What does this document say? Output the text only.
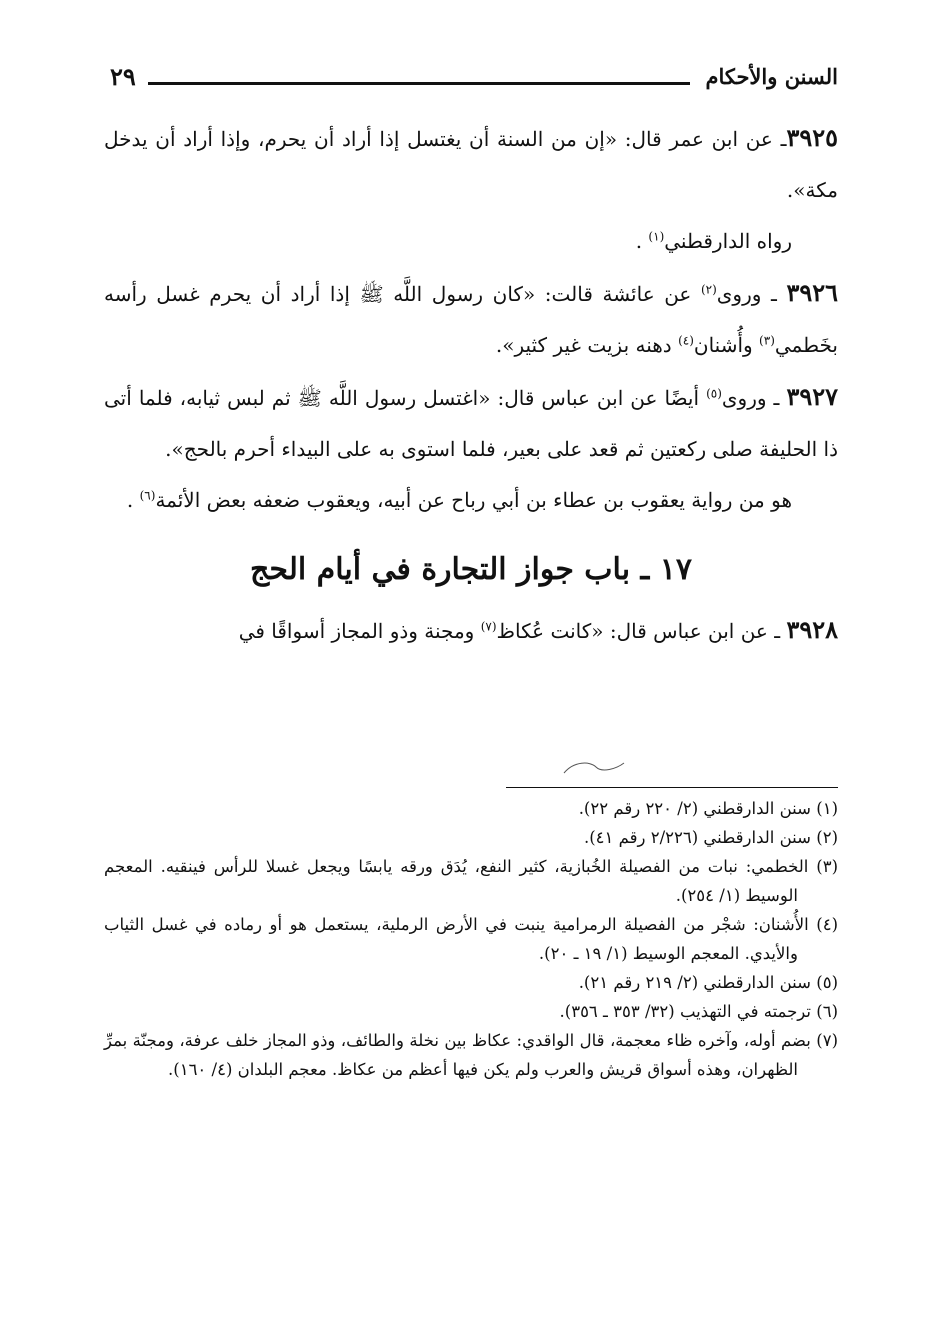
السنن والأحكام
٢٩

٣٩٢٥ـ عن ابن عمر قال: «إن من السنة أن يغتسل إذا أراد أن يحرم، وإذا أراد أن يدخل مكة».

رواه الدارقطني$^{(١)}$ .

٣٩٢٦ ـ وروى$^{(٢)}$ عن عائشة قالت: «كان رسول اللَّه ﷺ إذا أراد أن يحرم غسل رأسه بخَطمي$^{(٣)}$ وأُشنان$^{(٤)}$ دهنه بزيت غير كثير».

٣٩٢٧ ـ وروى$^{(٥)}$ أيضًا عن ابن عباس قال: «اغتسل رسول اللَّه ﷺ ثم لبس ثيابه، فلما أتى ذا الحليفة صلى ركعتين ثم قعد على بعير، فلما استوى به على البيداء أحرم بالحج».

هو من رواية يعقوب بن عطاء بن أبي رباح عن أبيه، ويعقوب ضعفه بعض الأئمة$^{(٦)}$ .

١٧ ـ باب جواز التجارة في أيام الحج

٣٩٢٨ ـ عن ابن عباس قال: «كانت عُكاظ$^{(٧)}$ ومجنة وذو المجاز أسواقًا في

(١) سنن الدارقطني (٢/ ٢٢٠ رقم ٢٢).

(٢) سنن الدارقطني (٢/٢٢٦ رقم ٤١).

(٣) الخطمي: نبات من الفصيلة الخُبازية، كثير النفع، يُدَق ورقه يابسًا ويجعل غسلا للرأس فينقيه. المعجم الوسيط (١/ ٢٥٤).

(٤) الأُشنان: شجْر من الفصيلة الرمرامية ينبت في الأرض الرملية، يستعمل هو أو رماده في غسل الثياب والأيدي. المعجم الوسيط (١/ ١٩ ـ ٢٠).

(٥) سنن الدارقطني (٢/ ٢١٩ رقم ٢١).

(٦) ترجمته في التهذيب (٣٢/ ٣٥٣ ـ ٣٥٦).

(٧) بضم أوله، وآخره ظاء معجمة، قال الواقدي: عكاظ بين نخلة والطائف، وذو المجاز خلف عرفة، ومجنّة بمرِّ الظهران، وهذه أسواق قريش والعرب ولم يكن فيها أعظم من عكاظ. معجم البلدان (٤/ ١٦٠).
